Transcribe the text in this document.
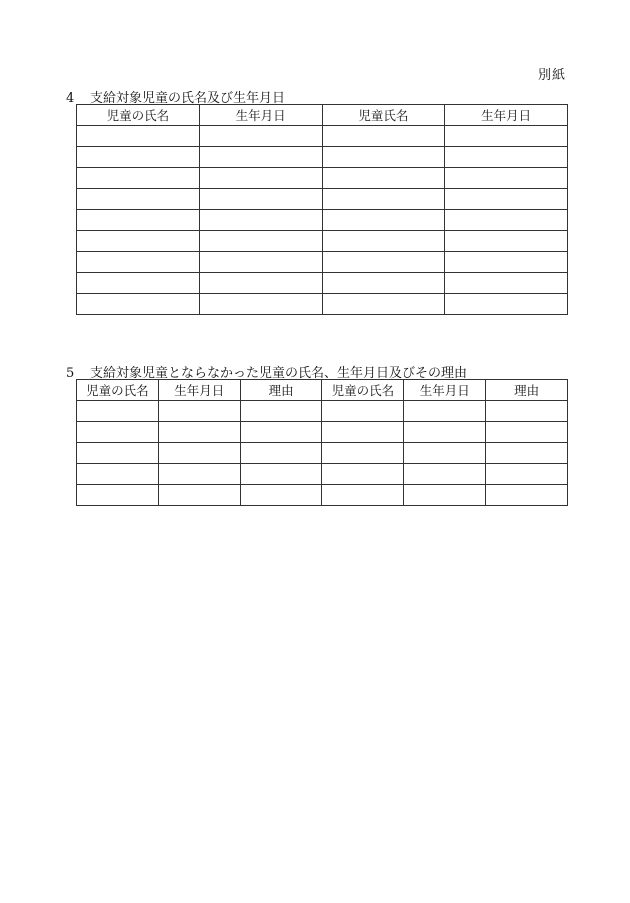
別紙
4 支給対象児童の氏名及び生年月日
児童の氏名	生年月日	児童氏名	生年月日

5 支給対象児童とならなかった児童の氏名、生年月日及びその理由
児童の氏名	生年月日	理由	児童の氏名	生年月日	理由
